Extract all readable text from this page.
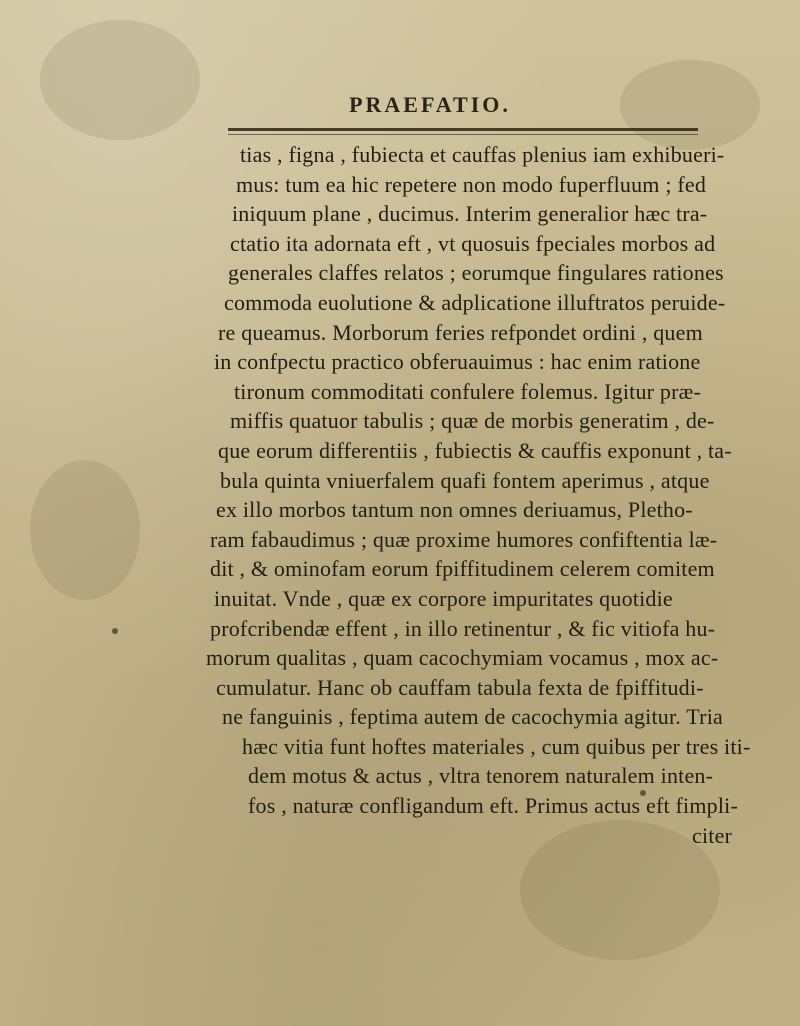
PRAEFATIO.
tias , figna , fubiecta et cauffas plenius iam exhibueri-
mus: tum ea hic repetere non modo fuperfluum ; fed
iniquum plane , ducimus. Interim generalior hæc tra-
ctatio ita adornata eft , vt quosuis fpeciales morbos ad
generales claffes relatos ; eorumque fingulares rationes
commoda euolutione & adplicatione illuftratos peruide-
re queamus. Morborum feries refpondet ordini , quem
in confpectu practico obferuauimus : hac enim ratione
tironum commoditati confulere folemus. Igitur præ-
miffis quatuor tabulis ; quæ de morbis generatim , de-
que eorum differentiis , fubiectis & cauffis exponunt , ta-
bula quinta vniuerfalem quafi fontem aperimus , atque
ex illo morbos tantum non omnes deriuamus, Pletho-
ram fabaudimus ; quæ proxime humores confiftentia læ-
dit , & ominofam eorum fpiffitudinem celerem comitem
inuitat. Vnde , quæ ex corpore impuritates quotidie
profcribendæ effent , in illo retinentur , & fic vitiofa hu-
morum qualitas , quam cacochymiam vocamus , mox ac-
cumulatur. Hanc ob cauffam tabula fexta de fpiffitudi-
ne fanguinis , feptima autem de cacochymia agitur. Tria
hæc vitia funt hoftes materiales , cum quibus per tres iti-
dem motus & actus , vltra tenorem naturalem inten-
fos , naturæ confligandum eft. Primus actus eft fimpli-
citer
